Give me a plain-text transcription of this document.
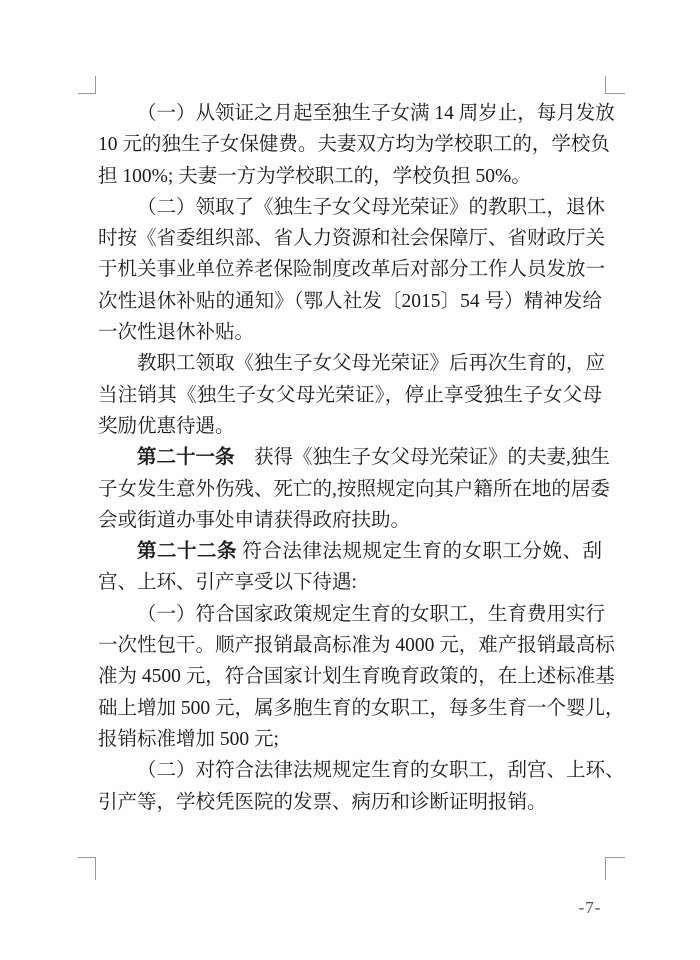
（一）从领证之月起至独生子女满 14 周岁止，每月发放
10 元的独生子女保健费。夫妻双方均为学校职工的，学校负
担 100%; 夫妻一方为学校职工的，学校负担 50%。
（二）领取了《独生子女父母光荣证》的教职工，退休
时按《省委组织部、省人力资源和社会保障厅、省财政厅关
于机关事业单位养老保险制度改革后对部分工作人员发放一
次性退休补贴的通知》（鄂人社发〔2015〕54 号）精神发给
一次性退休补贴。
教职工领取《独生子女父母光荣证》后再次生育的，应
当注销其《独生子女父母光荣证》，停止享受独生子女父母
奖励优惠待遇。
第二十一条　获得《独生子女父母光荣证》的夫妻,独生
子女发生意外伤残、死亡的,按照规定向其户籍所在地的居委
会或街道办事处申请获得政府扶助。
第二十二条 符合法律法规规定生育的女职工分娩、刮
宫、上环、引产享受以下待遇:
（一）符合国家政策规定生育的女职工，生育费用实行
一次性包干。顺产报销最高标准为 4000 元，难产报销最高标
准为 4500 元，符合国家计划生育晚育政策的，在上述标准基
础上增加 500 元，属多胞生育的女职工，每多生育一个婴儿，
报销标准增加 500 元;
（二）对符合法律法规规定生育的女职工，刮宫、上环、
引产等，学校凭医院的发票、病历和诊断证明报销。
-7-
